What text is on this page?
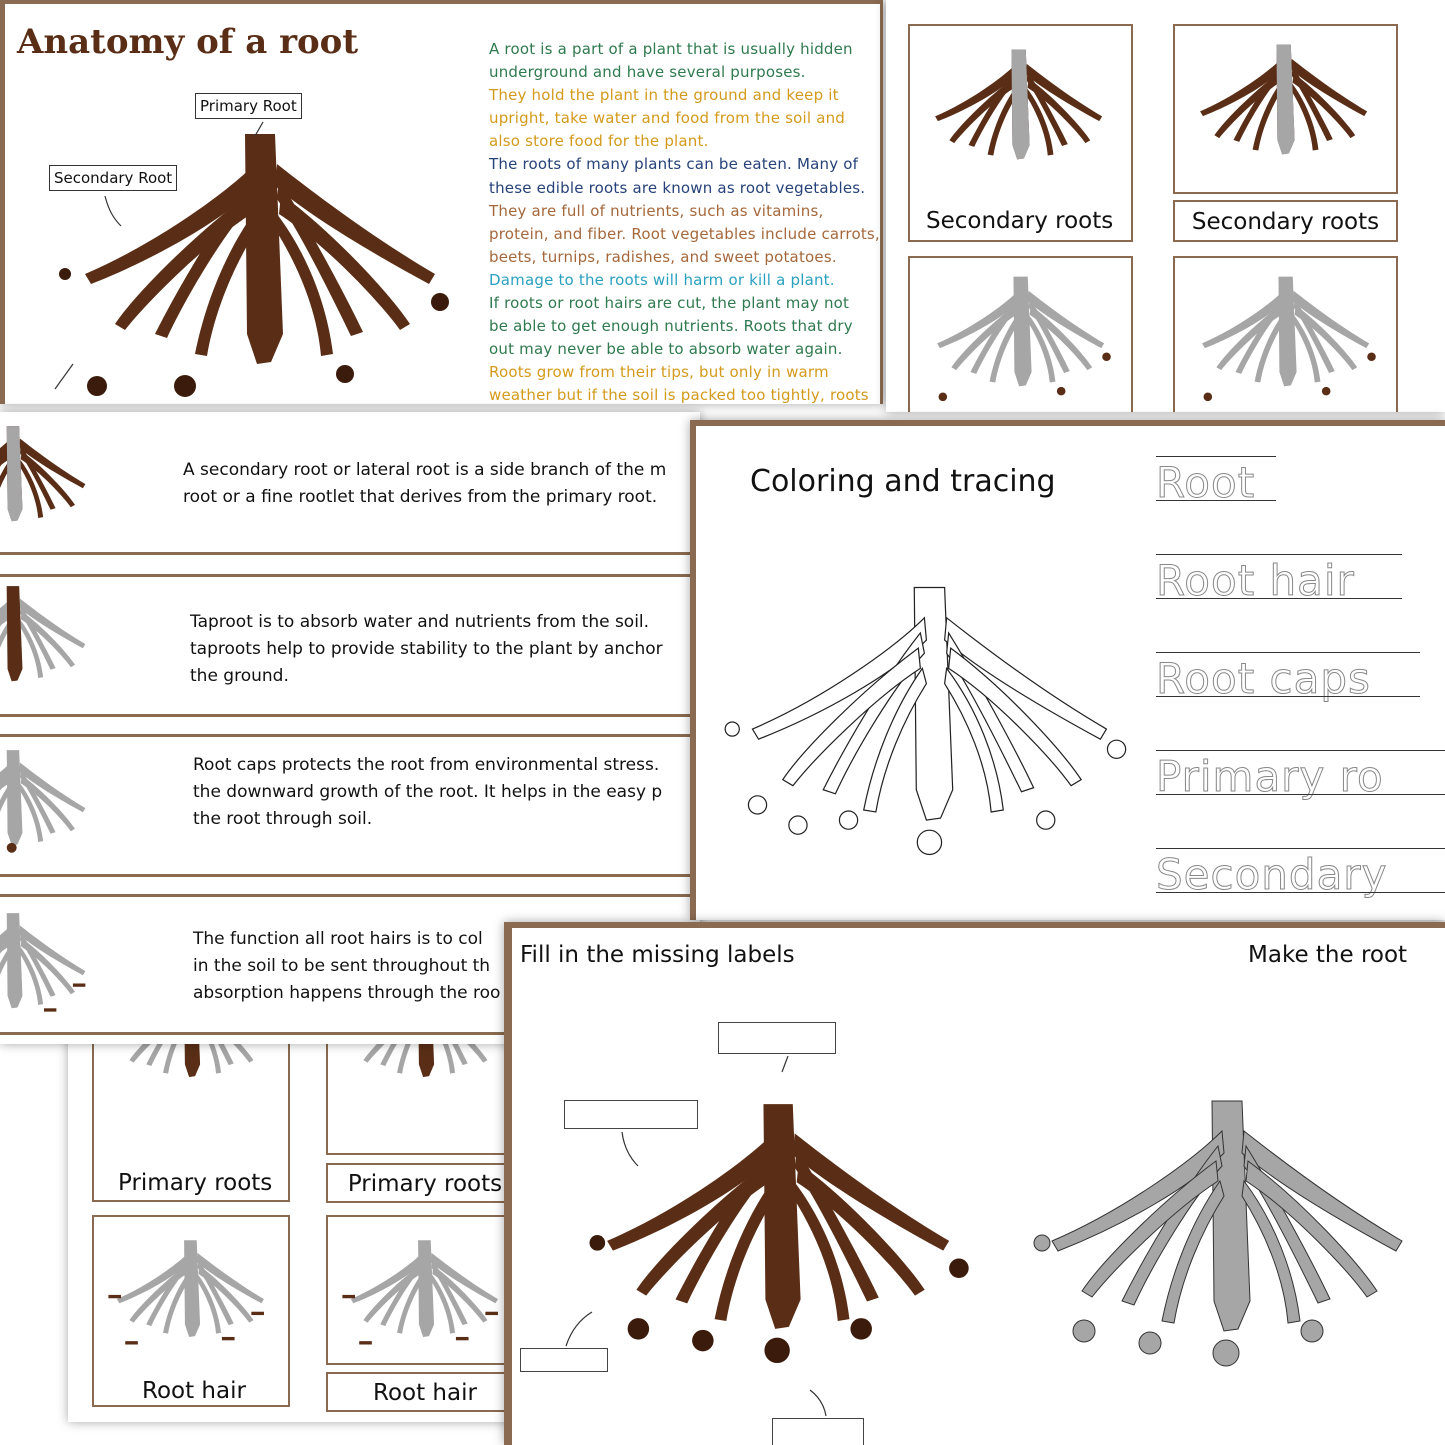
Anatomy of a root
Primary Root
Secondary Root
A root is a part of a plant that is usually hidden
underground and have several purposes.
They hold the plant in the ground and keep it
upright, take water and food from the soil and
also store food for the plant.
The roots of many plants can be eaten. Many of
these edible roots are known as root vegetables.
They are full of nutrients, such as vitamins,
protein, and fiber. Root vegetables include carrots,
beets, turnips, radishes, and sweet potatoes.
Damage to the roots will harm or kill a plant.
If roots or root hairs are cut, the plant may not
be able to get enough nutrients. Roots that dry
out may never be able to absorb water again.
Roots grow from their tips, but only in warm
weather but if the soil is packed too tightly, roots
Secondary roots	Secondary roots
Primary roots	Primary roots
Root hair	Root hair
A secondary root or lateral root is a side branch of the m
root or a fine rootlet that derives from the primary root.
Taproot is to absorb water and nutrients from the soil.
taproots help to provide stability to the plant by anchor
the ground.
Root caps protects the root from environmental stress.
the downward growth of the root. It helps in the easy p
the root through soil.
The function all root hairs is to col
in the soil to be sent throughout th
absorption happens through the roo
Coloring and tracing Root
Root hair
Root caps
Primary ro
Secondary
Fill in the missing labels	Make the root
